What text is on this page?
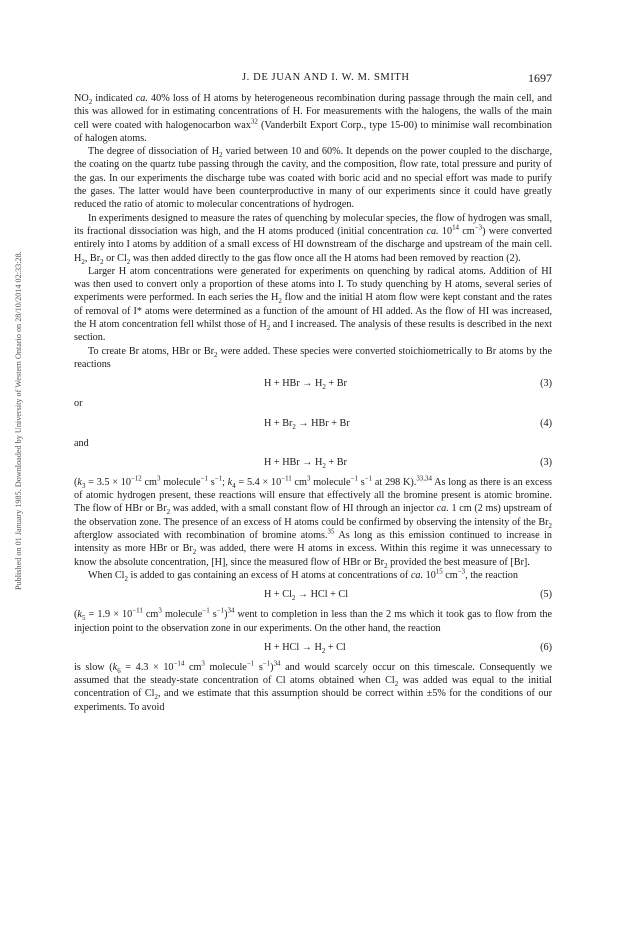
Published on 01 January 1985. Downloaded by University of Western Ontario on 28/10/2014 02:33:28.
J. DE JUAN AND I. W. M. SMITH	1697

$NO_2$ indicated ca. 40% loss of H atoms by heterogeneous recombination during passage through the main cell, and this was allowed for in estimating concentrations of H. For measurements with the halogens, the walls of the main cell were coated with halogenocarbon wax$^{32}$ (Vanderbilt Export Corp., type 15-00) to minimise wall recombination of halogen atoms.

The degree of dissociation of $H_2$ varied between 10 and 60%. It depends on the power coupled to the discharge, the coating on the quartz tube passing through the cavity, and the composition, flow rate, total pressure and purity of the gas. In our experiments the discharge tube was coated with boric acid and no special effort was made to purify the gases. The latter would have been counterproductive in many of our experiments since it could have greatly reduced the ratio of atomic to molecular concentrations of hydrogen.

In experiments designed to measure the rates of quenching by molecular species, the flow of hydrogen was small, its fractional dissociation was high, and the H atoms produced (initial concentration ca. $10^{14}$ $cm^{-3}$) were converted entirely into I atoms by addition of a small excess of HI downstream of the discharge and upstream of the main cell. $H_2$, $Br_2$ or $Cl_2$ was then added directly to the gas flow once all the H atoms had been removed by reaction (2).

Larger H atom concentrations were generated for experiments on quenching by radical atoms. Addition of HI was then used to convert only a proportion of these atoms into I. To study quenching by H atoms, several series of experiments were performed. In each series the $H_2$ flow and the initial H atom flow were kept constant and the rates of removal of I* atoms were determined as a function of the amount of HI added. As the flow of HI was increased, the H atom concentration fell whilst those of $H_2$ and I increased. The analysis of these results is described in the next section.

To create Br atoms, HBr or $Br_2$ were added. These species were converted stoichiometrically to Br atoms by the reactions

H + HBr → $H_2 + Br$	(3)

or

$H + Br_2$ → HBr + Br	(4)

and

H + HBr → $H_2 + Br$	(3)

($k_3 = 3.5 \times 10^{-12}$ $cm^3$ molecule$^{-1}$ $s^{-1}$; $k_4 = 5.4 \times 10^{-11}$ $cm^3$ molecule$^{-1}$ $s^{-1}$ at 298 K).$^{33,34}$ As long as there is an excess of atomic hydrogen present, these reactions will ensure that effectively all the bromine present is atomic bromine. The flow of HBr or $Br_2$ was added, with a small constant flow of HI through an injector ca. 1 cm (2 ms) upstream of the observation zone. The presence of an excess of H atoms could be confirmed by observing the intensity of the $Br_2$ afterglow associated with recombination of bromine atoms.$^{35}$ As long as this emission continued to increase in intensity as more HBr or $Br_2$ was added, there were H atoms in excess. Within this regime it was unnecessary to know the absolute concentration, [H], since the measured flow of HBr or $Br_2$ provided the best measure of [Br].

When $Cl_2$ is added to gas containing an excess of H atoms at concentrations of ca. $10^{15}$ $cm^{-3}$, the reaction

$H + Cl_2$ → HCl + Cl	(5)

($k_5 = 1.9 \times 10^{-11}$ $cm^3$ molecule$^{-1}$ $s^{-1})^{34}$ went to completion in less than the 2 ms which it took gas to flow from the injection point to the observation zone in our experiments. On the other hand, the reaction

H + HCl → $H_2 + Cl$	(6)

is slow ($k_6 = 4.3 \times 10^{-14}$ $cm^3$ molecule$^{-1}$ $s^{-1})^{34}$ and would scarcely occur on this timescale. Consequently we assumed that the steady-state concentration of Cl atoms obtained when $Cl_2$ was added was equal to the initial concentration of $Cl_2$, and we estimate that this assumption should be correct within ±5% for the conditions of our experiments. To avoid
